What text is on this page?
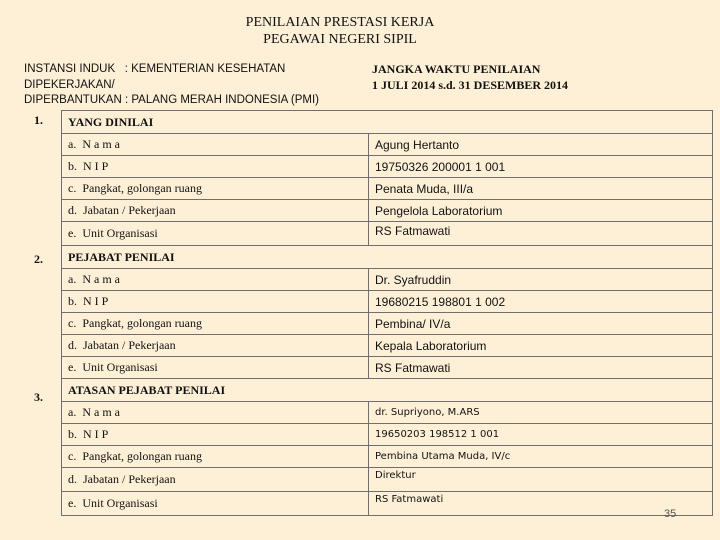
PENILAIAN PRESTASI KERJA
PEGAWAI NEGERI SIPIL
INSTANSI INDUK   : KEMENTERIAN KESEHATAN
DIPEKERJAKAN/
DIPERBANTUKAN : PALANG MERAH INDONESIA (PMI)
JANGKA WAKTU PENILAIAN
1 JULI 2014 s.d. 31 DESEMBER 2014
1.
2.
3.
YANG DINILAI	
a.  N a m a	Agung Hertanto
b.  N I P	19750326 200001 1 001
c.  Pangkat, golongan ruang	Penata Muda, III/a
d.  Jabatan / Pekerjaan	Pengelola Laboratorium
e.  Unit Organisasi	RS Fatmawati
PEJABAT PENILAI	
a.  N a m a	Dr. Syafruddin
b.  N I P	19680215 198801 1 002
c.  Pangkat, golongan ruang	Pembina/ IV/a
d.  Jabatan / Pekerjaan	Kepala Laboratorium
e.  Unit Organisasi	RS Fatmawati
ATASAN PEJABAT PENILAI	
a.  N a m a	dr. Supriyono, M.ARS
b.  N I P	19650203 198512 1 001
c.  Pangkat, golongan ruang	Pembina Utama Muda, IV/c
d.  Jabatan / Pekerjaan	Direktur
e.  Unit Organisasi	RS Fatmawati
35
